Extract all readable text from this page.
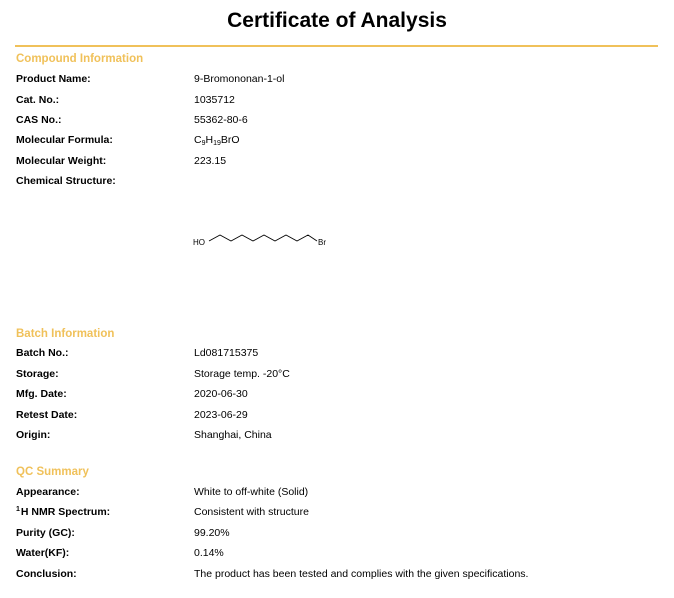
Certificate of Analysis
Compound Information
Product Name:	9-Bromononan-1-ol
Cat. No.:	1035712
CAS No.:	55362-80-6
Molecular Formula:	$C_9H_{19}BrO$
Molecular Weight:	223.15
Chemical Structure:
HO	Br
Batch Information
Batch No.:	Ld081715375
Storage:	Storage temp. -20°C
Mfg. Date:	2020-06-30
Retest Date:	2023-06-29
Origin:	Shanghai, China
QC Summary
Appearance:	White to off-white (Solid)
$^1$H NMR Spectrum:	Consistent with structure
Purity (GC):	99.20%
Water(KF):	0.14%
Conclusion:	The product has been tested and complies with the given specifications.
